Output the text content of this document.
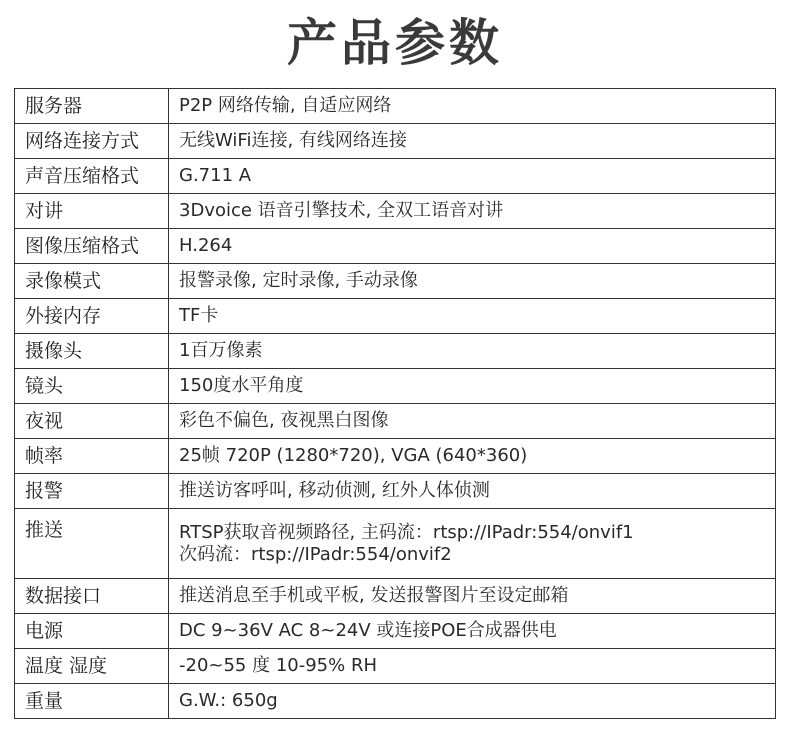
产品参数
服务器	P2P 网络传输, 自适应网络
网络连接方式	无线WiFi连接, 有线网络连接
声音压缩格式	G.711 A
对讲	3Dvoice 语音引擎技术, 全双工语音对讲
图像压缩格式	H.264
录像模式	报警录像, 定时录像, 手动录像
外接内存	TF卡
摄像头	1百万像素
镜头	150度水平角度
夜视	彩色不偏色, 夜视黑白图像
帧率	25帧 720P (1280*720), VGA (640*360)
报警	推送访客呼叫, 移动侦测, 红外人体侦测
推送	RTSP获取音视频路径, 主码流：rtsp://IPadr:554/onvif1
次码流：rtsp://IPadr:554/onvif2

数据接口	推送消息至手机或平板, 发送报警图片至设定邮箱
电源	DC 9~36V AC 8~24V 或连接POE合成器供电
温度 湿度	-20~55 度 10-95% RH
重量	G.W.: 650g
